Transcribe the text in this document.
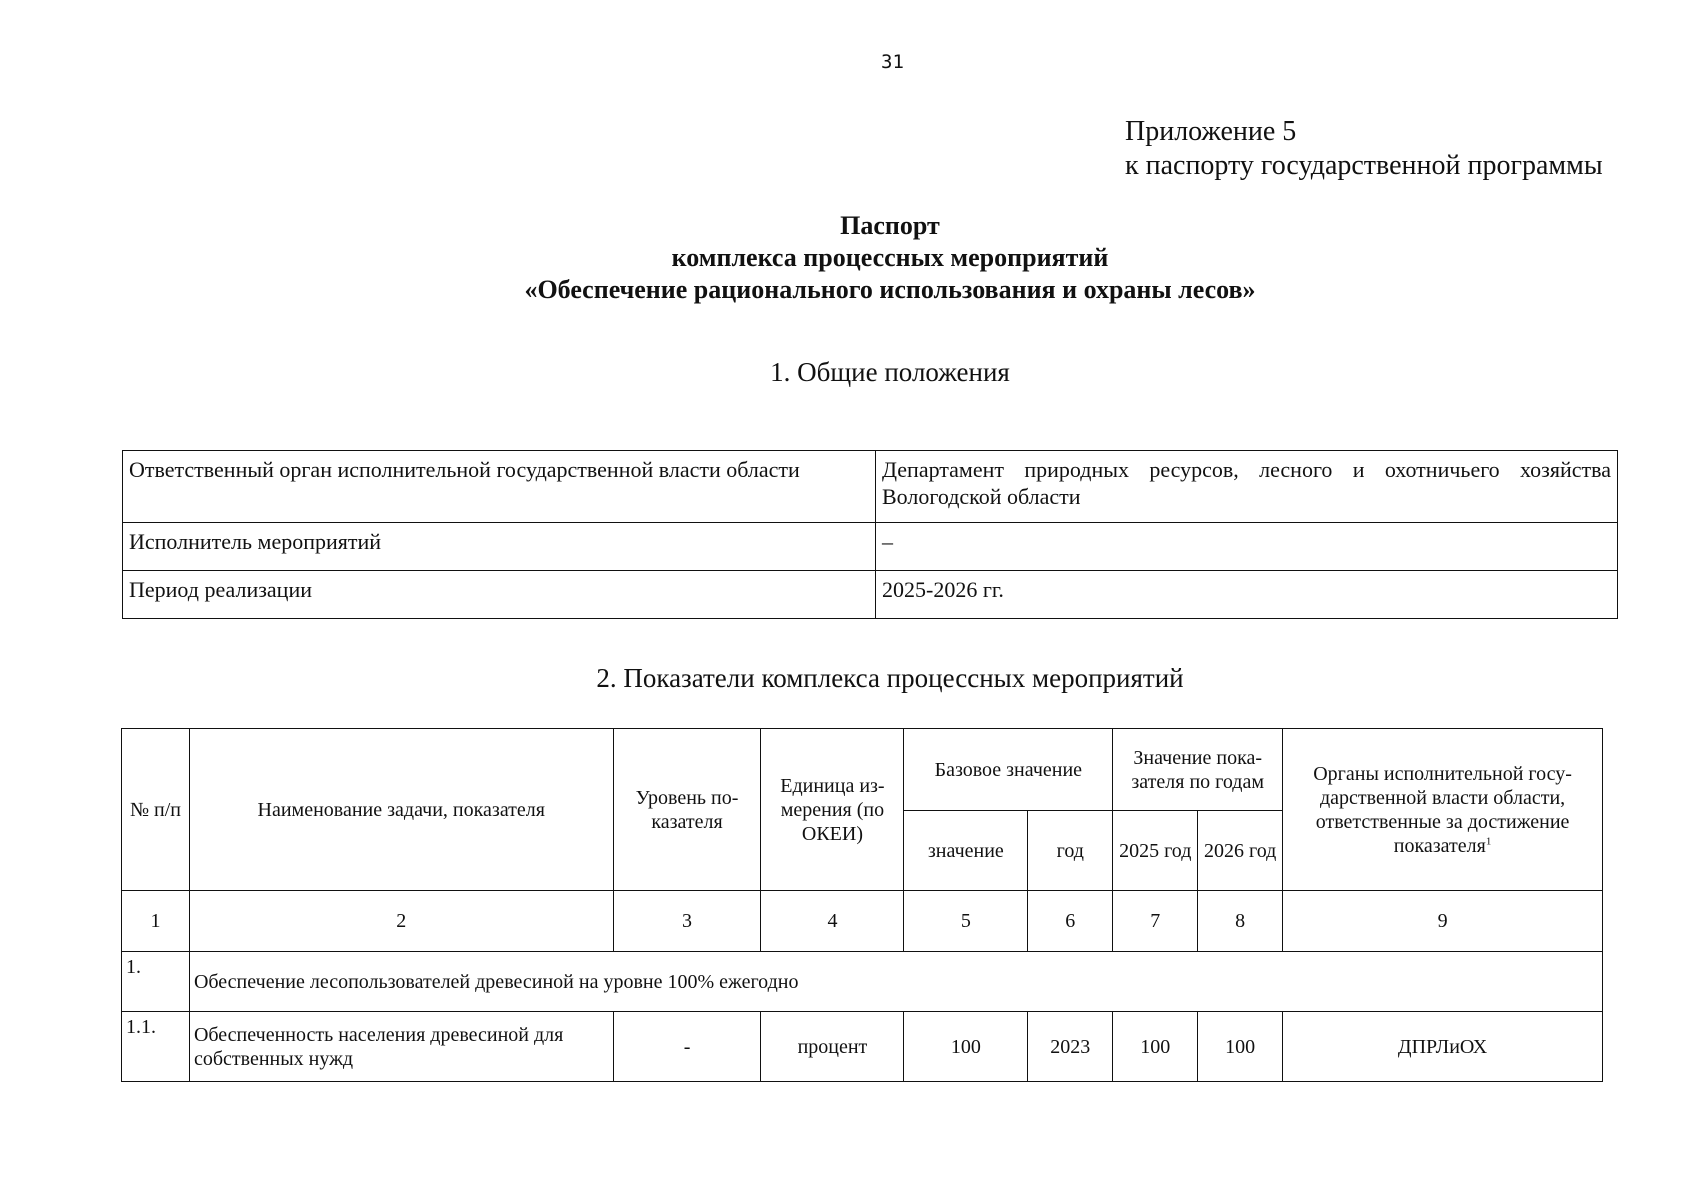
31
Приложение 5
к паспорту государственной программы
Паспорт
комплекса процессных мероприятий
«Обеспечение рационального использования и охраны лесов»
1. Общие положения
Ответственный орган исполнительной государственной власти области	Департамент природных ресурсов, лесного и охотничьего хозяйства Вологодской области
Исполнитель мероприятий	–
Период реализации	2025-2026 гг.
2. Показатели комплекса процессных мероприятий
№ п/п	Наименование задачи, показателя	Уровень по-казателя	Единица из-мерения (по ОКЕИ)	Базовое значение		Значение пока-зателя по годам		Органы исполнительной госу-дарственной власти области, ответственные за достижение показателя$^1$
				значение	год	2025 год	2026 год	
1	2	3	4	5	6	7	8	9
1.	Обеспечение лесопользователей древесиной на уровне 100% ежегодно							
1.1.	Обеспеченность населения древесиной для собственных нужд	-	процент	100	2023	100	100	ДПРЛиОХ
